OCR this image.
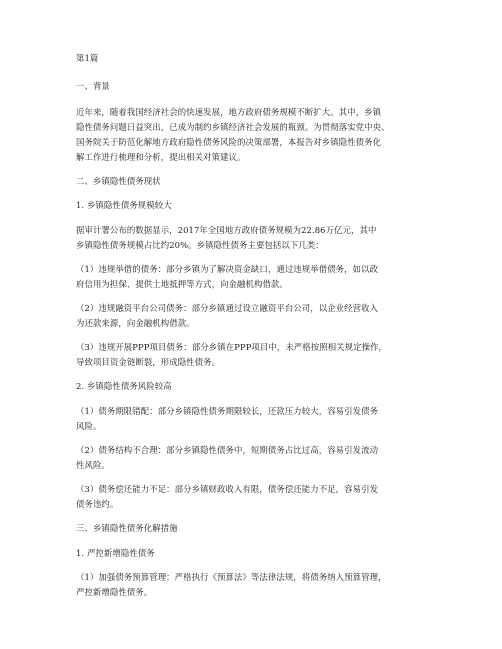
第1篇
一、背景
近年来，随着我国经济社会的快速发展，地方政府债务规模不断扩大。其中，乡镇
隐性债务问题日益突出，已成为制约乡镇经济社会发展的瓶颈。为贯彻落实党中央、
国务院关于防范化解地方政府隐性债务风险的决策部署，本报告对乡镇隐性债务化
解工作进行梳理和分析，提出相关对策建议。
二、乡镇隐性债务现状
1. 乡镇隐性债务规模较大
据审计署公布的数据显示，2017年全国地方政府债务规模为22.86万亿元，其中
乡镇隐性债务规模占比约20%。乡镇隐性债务主要包括以下几类：
（1）违规举借的债务：部分乡镇为了解决资金缺口，通过违规举借债务，如以政
府信用为担保、提供土地抵押等方式，向金融机构借款。
（2）违规融资平台公司债务：部分乡镇通过设立融资平台公司，以企业经营收入
为还款来源，向金融机构借款。
（3）违规开展PPP项目债务：部分乡镇在PPP项目中，未严格按照相关规定操作，
导致项目资金链断裂，形成隐性债务。
2. 乡镇隐性债务风险较高
（1）债务期限错配：部分乡镇隐性债务期限较长，还款压力较大，容易引发债务
风险。
（2）债务结构不合理：部分乡镇隐性债务中，短期债务占比过高，容易引发流动
性风险。
（3）债务偿还能力不足：部分乡镇财政收入有限，债务偿还能力不足，容易引发
债务违约。
三、乡镇隐性债务化解措施
1. 严控新增隐性债务
（1）加强债务预算管理：严格执行《预算法》等法律法规，将债务纳入预算管理，
严控新增隐性债务。
